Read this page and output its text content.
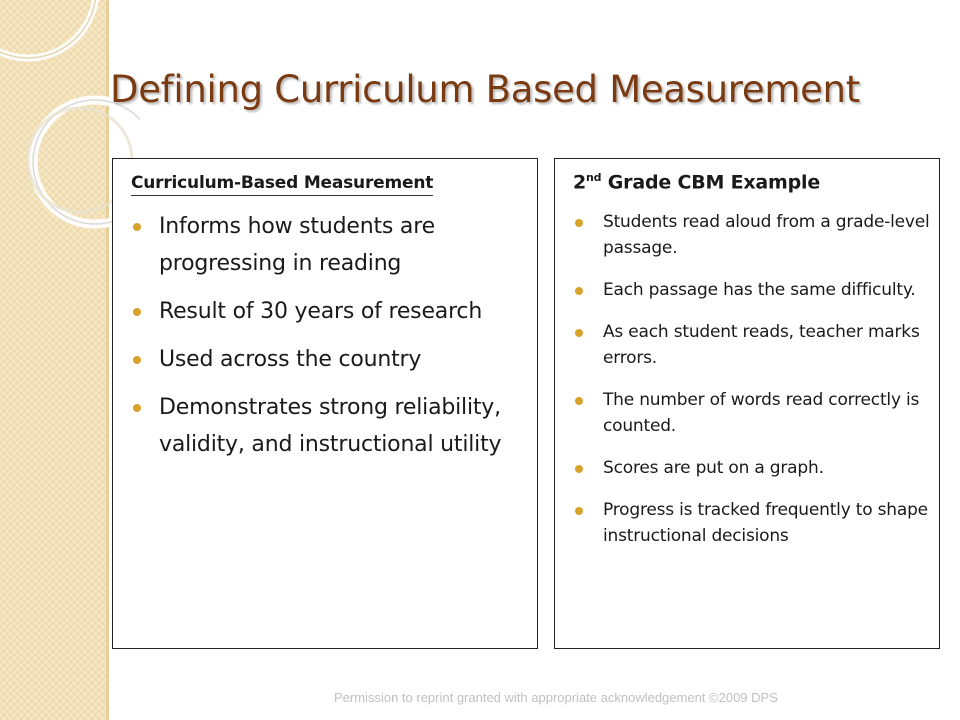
Defining Curriculum Based Measurement
Curriculum-Based Measurement
Informs how students are progressing in reading
Result of 30 years of research
Used across the country
Demonstrates strong reliability, validity, and instructional utility
2nd Grade CBM Example
Students read aloud from a grade-level passage.
Each passage has the same difficulty.
As each student reads, teacher marks errors.
The number of words read correctly is counted.
Scores are put on a graph.
Progress is tracked frequently to shape instructional decisions
Permission to reprint granted with appropriate acknowledgement ©2009 DPS
